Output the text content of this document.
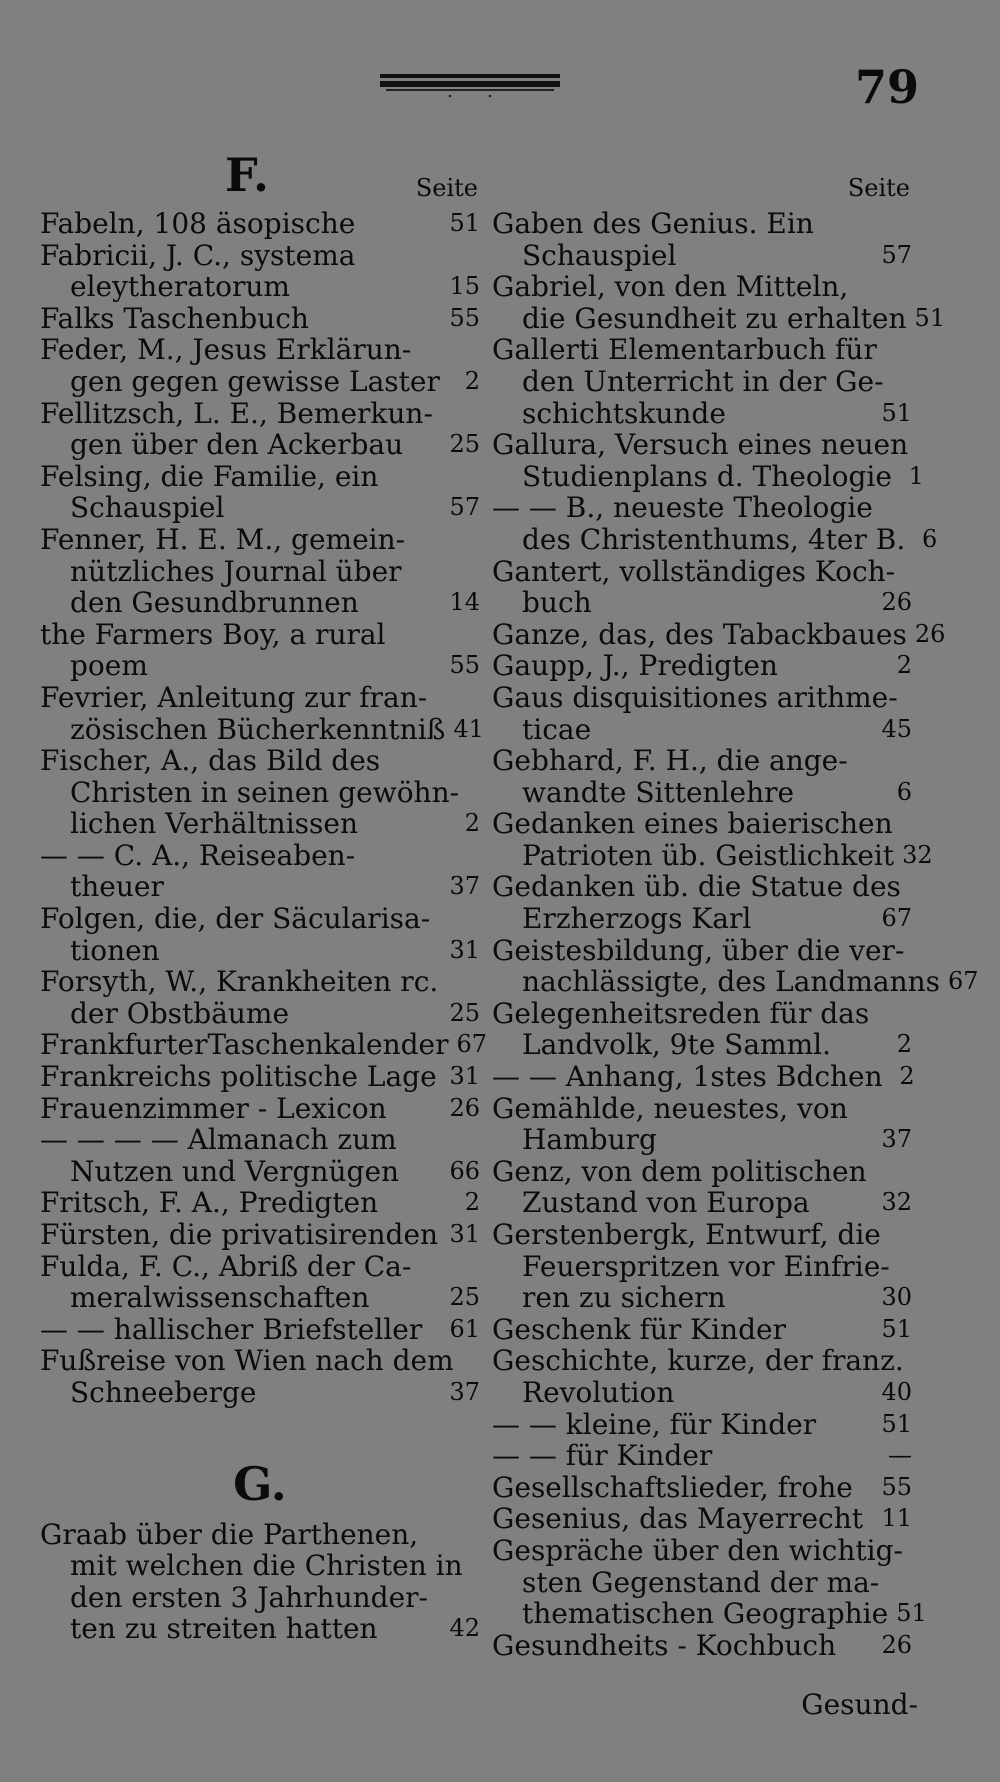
79
F.	Seite
Fabeln, 108 äsopische	51
Fabricii, J. C., systema
eleytheratorum	15
Falks Taschenbuch	55
Feder, M., Jesus Erklärun-
gen gegen gewisse Laster	2
Fellitzsch, L. E., Bemerkun-
gen über den Ackerbau	25
Felsing, die Familie, ein
Schauspiel	57
Fenner, H. E. M., gemein-
nützliches Journal über
den Gesundbrunnen	14
the Farmers Boy, a rural
poem	55
Fevrier, Anleitung zur fran-
zösischen Bücherkenntniß 41
Fischer, A., das Bild des
Christen in seinen gewöhn-
lichen Verhältnissen	2
— — C. A., Reiseaben-
theuer	37
Folgen, die, der Säcularisa-
tionen	31
Forsyth, W., Krankheiten rc.
der Obstbäume	25
FrankfurterTaschenkalender 67
Frankreichs politische Lage 31
Frauenzimmer - Lexicon	26
— — — — Almanach zum
Nutzen und Vergnügen	66
Fritsch, F. A., Predigten	2
Fürsten, die privatisirenden 31
Fulda, F. C., Abriß der Ca-
meralwissenschaften	25
— — hallischer Briefsteller	61
Fußreise von Wien nach dem
Schneeberge	37
G.
Graab über die Parthenen,
mit welchen die Christen in
den ersten 3 Jahrhunder-
ten zu streiten hatten	42
Seite
Gaben des Genius. Ein
Schauspiel	57
Gabriel, von den Mitteln,
die Gesundheit zu erhalten 51
Gallerti Elementarbuch für
den Unterricht in der Ge-
schichtskunde	51
Gallura, Versuch eines neuen
Studienplans d. Theologie 1
— — B., neueste Theologie
des Christenthums, 4ter B. 6
Gantert, vollständiges Koch-
buch	26
Ganze, das, des Tabackbaues 26
Gaupp, J., Predigten	2
Gaus disquisitiones arithme-
ticae	45
Gebhard, F. H., die ange-
wandte Sittenlehre	6
Gedanken eines baierischen
Patrioten üb. Geistlichkeit 32
Gedanken üb. die Statue des
Erzherzogs Karl	67
Geistesbildung, über die ver-
nachlässigte, des Landmanns 67
Gelegenheitsreden für das
Landvolk, 9te Samml.	2
— — Anhang, 1stes Bdchen 2
Gemählde, neuestes, von
Hamburg	37
Genz, von dem politischen
Zustand von Europa	32
Gerstenbergk, Entwurf, die
Feuerspritzen vor Einfrie-
ren zu sichern	30
Geschenk für Kinder	51
Geschichte, kurze, der franz.
Revolution	40
— — kleine, für Kinder	51
— — für Kinder	—
Gesellschaftslieder, frohe	55
Gesenius, das Mayerrecht 11
Gespräche über den wichtig-
sten Gegenstand der ma-
thematischen Geographie 51
Gesundheits - Kochbuch	26
Gesund-
